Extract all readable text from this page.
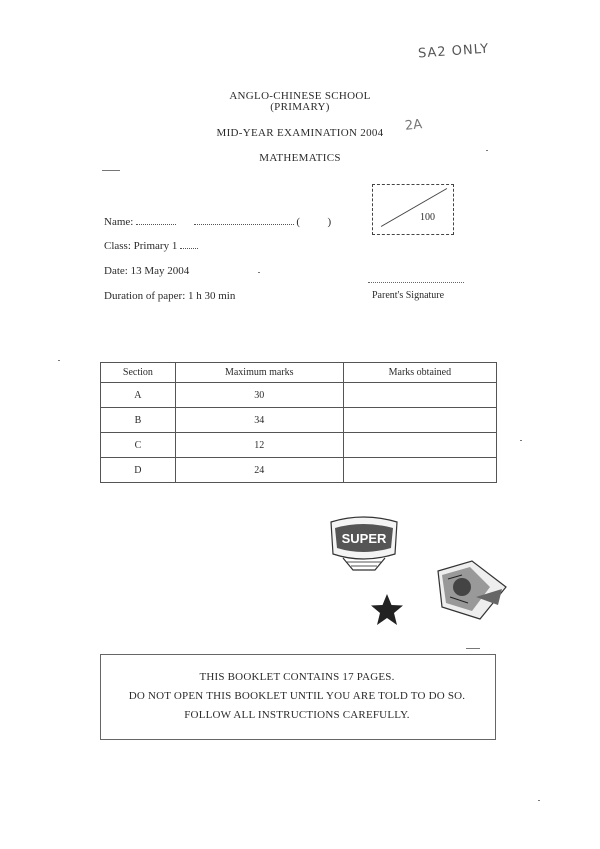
SA2 ONLY
2A
ANGLO-CHINESE SCHOOL
(PRIMARY)
MID-YEAR EXAMINATION 2004
MATHEMATICS
100
Name:	(	)
Class: Primary 1
Date: 13 May 2004
Duration of paper: 1 h 30 min	Parent's Signature
Section	Maximum marks	Marks obtained
A	30	
B	34	
C	12	
D	24	
SUPER
THIS BOOKLET CONTAINS 17 PAGES.
DO NOT OPEN THIS BOOKLET UNTIL YOU ARE TOLD TO DO SO.
FOLLOW ALL INSTRUCTIONS CAREFULLY.
